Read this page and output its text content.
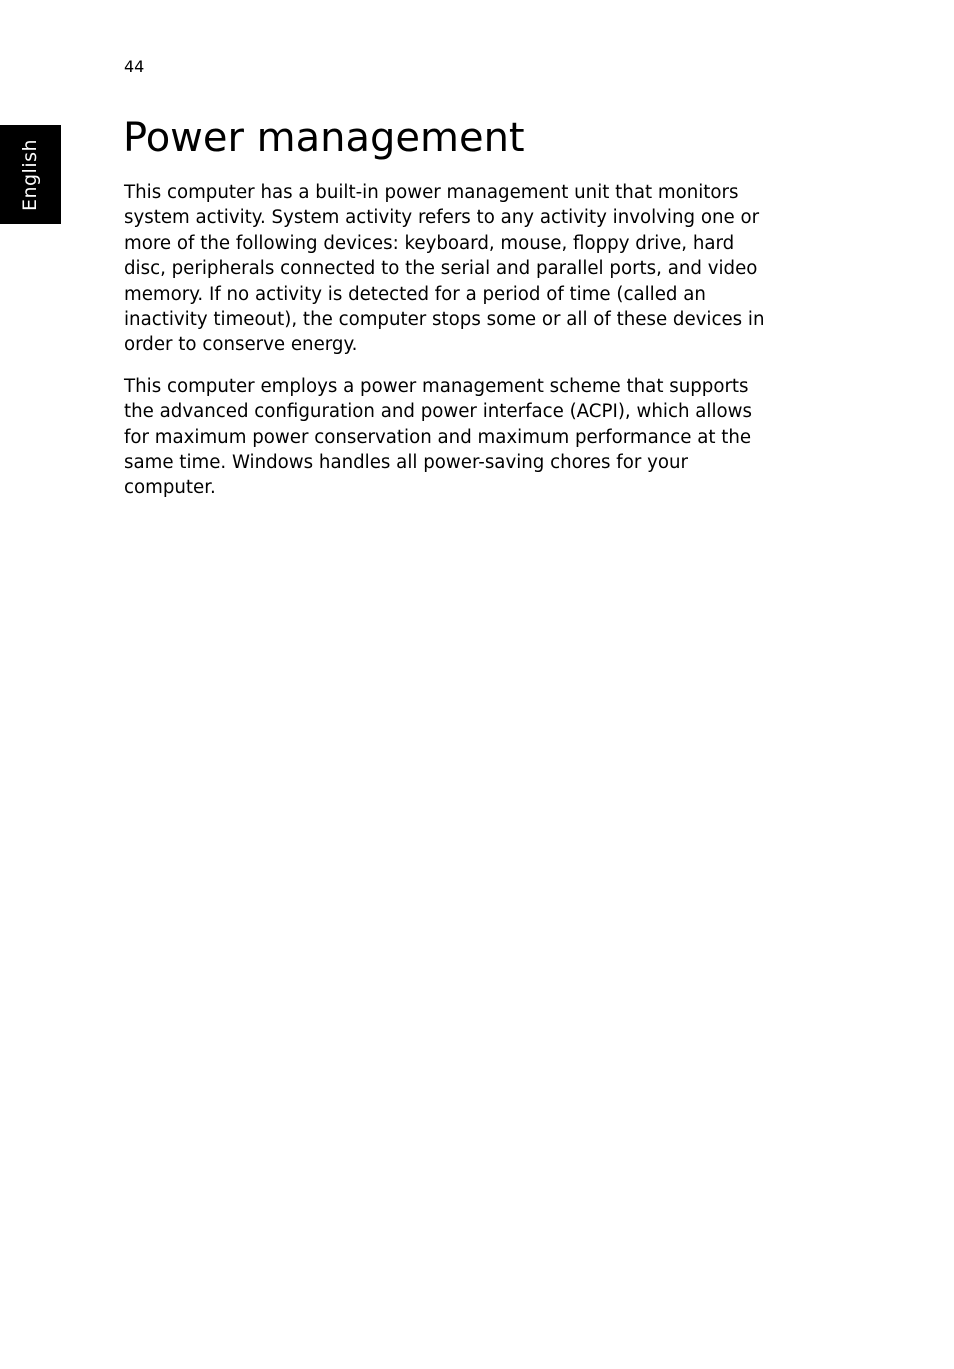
44
English
Power management

This computer has a built-in power management unit that monitors
system activity. System activity refers to any activity involving one or
more of the following devices: keyboard, mouse, floppy drive, hard
disc, peripherals connected to the serial and parallel ports, and video
memory. If no activity is detected for a period of time (called an
inactivity timeout), the computer stops some or all of these devices in
order to conserve energy.

This computer employs a power management scheme that supports
the advanced configuration and power interface (ACPI), which allows
for maximum power conservation and maximum performance at the
same time. Windows handles all power-saving chores for your
computer.
